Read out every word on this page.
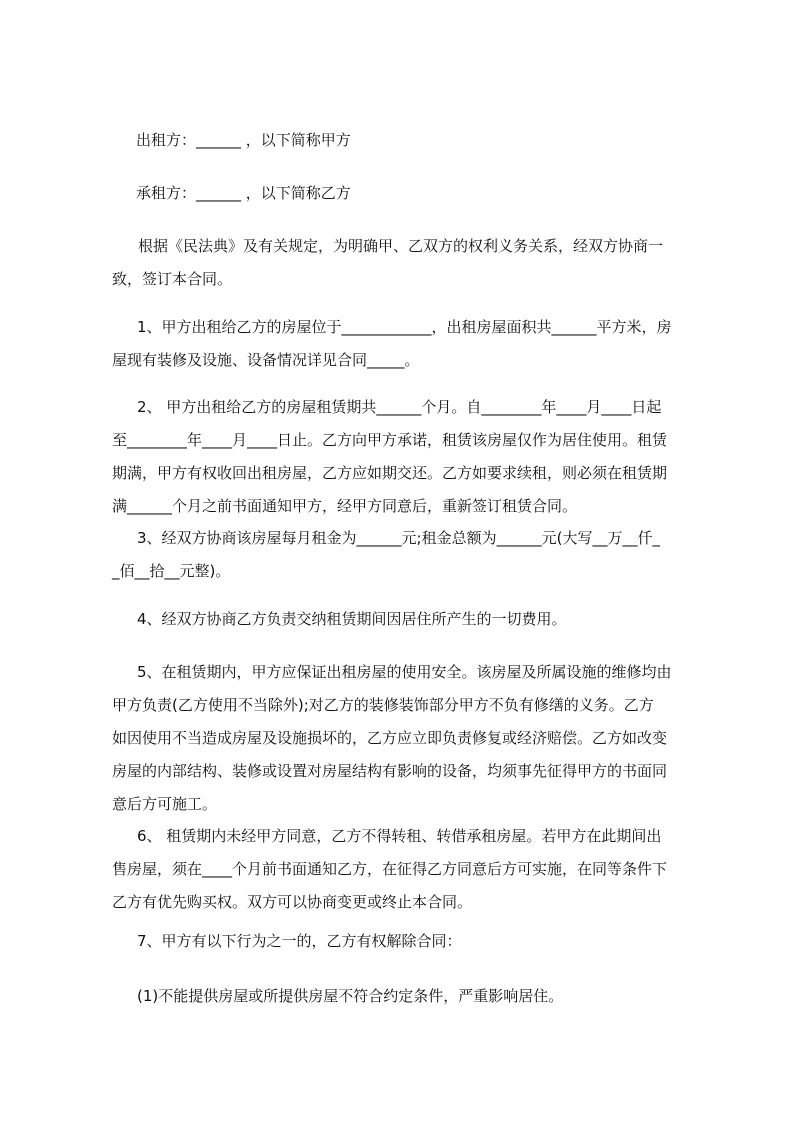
出租方：______ ，以下简称甲方
承租方：______ ，以下简称乙方
根据《民法典》及有关规定，为明确甲、乙双方的权利义务关系，经双方协商一
致，签订本合同。
1、甲方出租给乙方的房屋位于____________，出租房屋面积共______平方米，房
屋现有装修及设施、设备情况详见合同_____。
2、 甲方出租给乙方的房屋租赁期共______个月。自________年____月____日起
至________年____月____日止。乙方向甲方承诺，租赁该房屋仅作为居住使用。租赁
期满，甲方有权收回出租房屋，乙方应如期交还。乙方如要求续租，则必须在租赁期
满______个月之前书面通知甲方，经甲方同意后，重新签订租赁合同。
3、经双方协商该房屋每月租金为______元;租金总额为______元(大写__万__仟_
_佰__拾__元整)。
4、经双方协商乙方负责交纳租赁期间因居住所产生的一切费用。
5、在租赁期内，甲方应保证出租房屋的使用安全。该房屋及所属设施的维修均由
甲方负责(乙方使用不当除外);对乙方的装修装饰部分甲方不负有修缮的义务。乙方
如因使用不当造成房屋及设施损坏的，乙方应立即负责修复或经济赔偿。乙方如改变
房屋的内部结构、装修或设置对房屋结构有影响的设备，均须事先征得甲方的书面同
意后方可施工。
6、 租赁期内未经甲方同意，乙方不得转租、转借承租房屋。若甲方在此期间出
售房屋，须在____个月前书面通知乙方，在征得乙方同意后方可实施，在同等条件下
乙方有优先购买权。双方可以协商变更或终止本合同。
7、甲方有以下行为之一的，乙方有权解除合同：
(1)不能提供房屋或所提供房屋不符合约定条件，严重影响居住。
